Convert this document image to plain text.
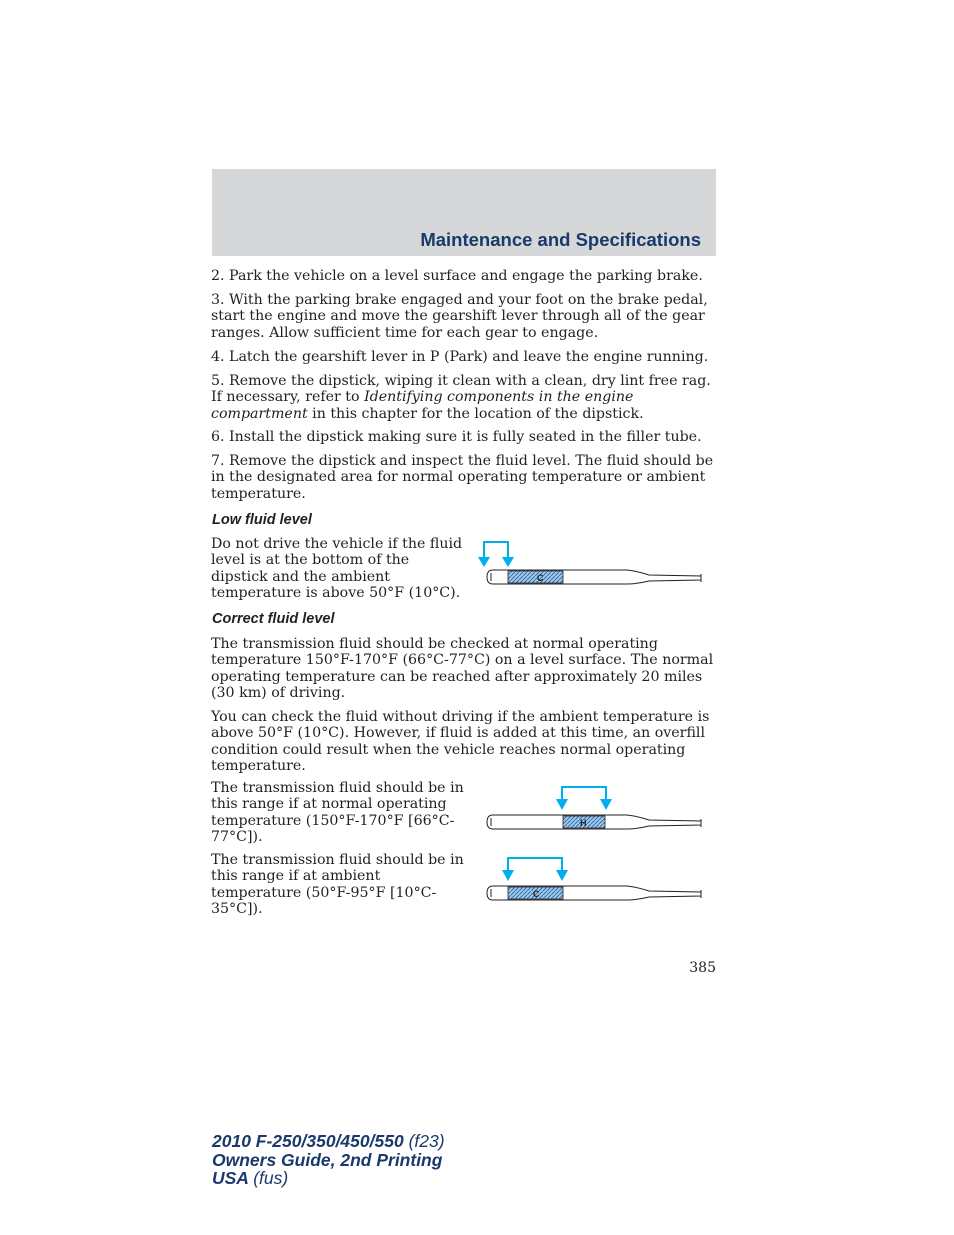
Maintenance and Specifications

2. Park the vehicle on a level surface and engage the parking brake.

3. With the parking brake engaged and your foot on the brake pedal, start the engine and move the gearshift lever through all of the gear ranges. Allow sufficient time for each gear to engage.

4. Latch the gearshift lever in P (Park) and leave the engine running.

5. Remove the dipstick, wiping it clean with a clean, dry lint free rag. If necessary, refer to Identifying components in the engine compartment in this chapter for the location of the dipstick.

6. Install the dipstick making sure it is fully seated in the filler tube.

7. Remove the dipstick and inspect the fluid level. The fluid should be in the designated area for normal operating temperature or ambient temperature.

Low fluid level

Do not drive the vehicle if the fluid level is at the bottom of the dipstick and the ambient temperature is above 50°F (10°C).

C
Correct fluid level

The transmission fluid should be checked at normal operating temperature 150°F-170°F (66°C-77°C) on a level surface. The normal operating temperature can be reached after approximately 20 miles (30 km) of driving.

You can check the fluid without driving if the ambient temperature is above 50°F (10°C). However, if fluid is added at this time, an overfill condition could result when the vehicle reaches normal operating temperature.

The transmission fluid should be in this range if at normal operating temperature (150°F-170°F [66°C-77°C]).

The transmission fluid should be in this range if at ambient temperature (50°F-95°F [10°C-35°C]).

H
C
385
2010 F-250/350/450/550 (f23)
Owners Guide, 2nd Printing
USA (fus)
